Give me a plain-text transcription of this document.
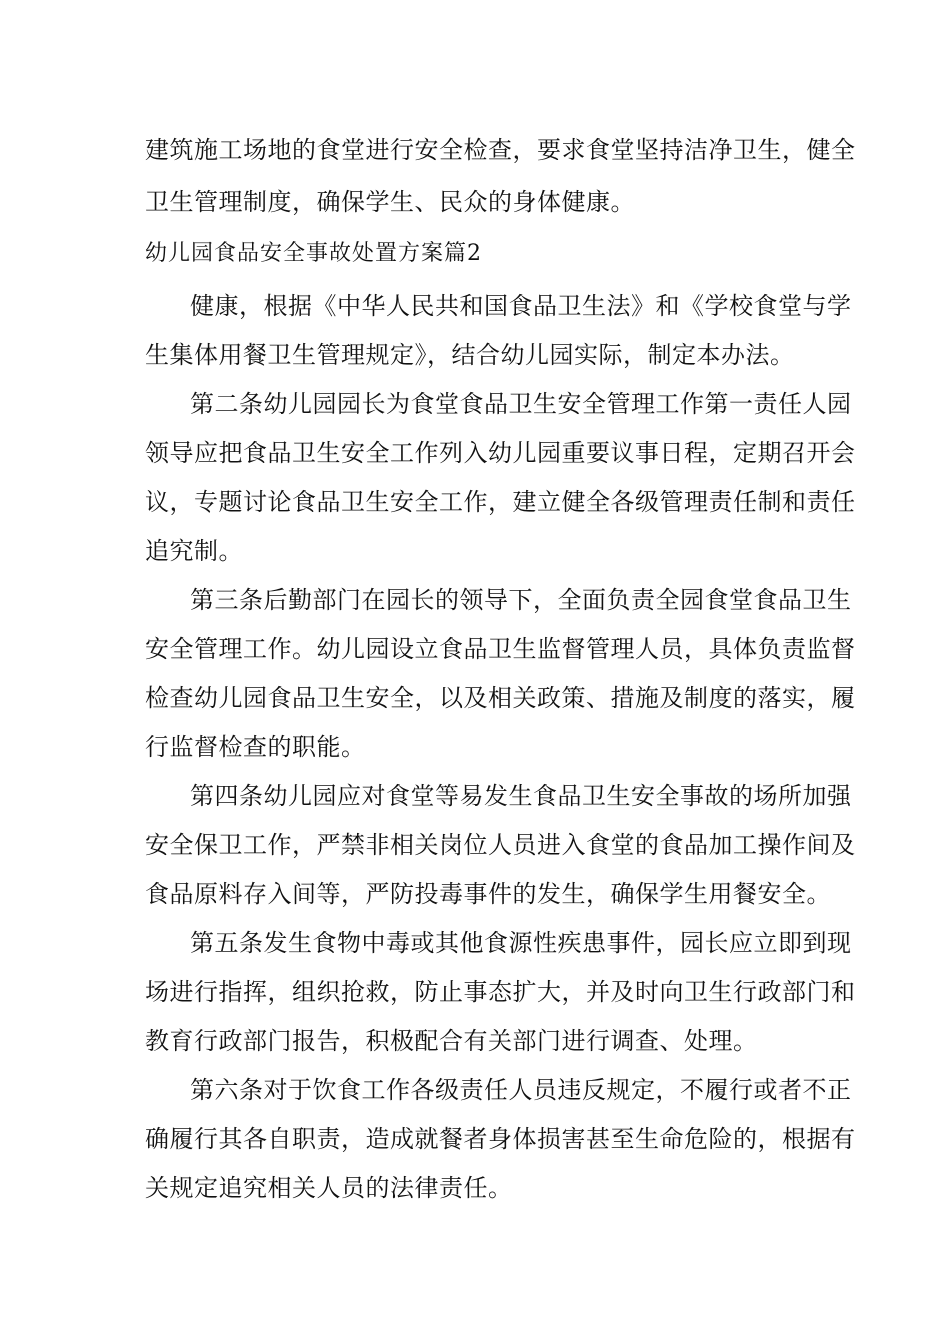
建筑施工场地的食堂进行安全检查，要求食堂坚持洁净卫生，健全
卫生管理制度，确保学生、民众的身体健康。
幼儿园食品安全事故处置方案篇2
健康，根据《中华人民共和国食品卫生法》和《学校食堂与学
生集体用餐卫生管理规定》，结合幼儿园实际，制定本办法。
第二条幼儿园园长为食堂食品卫生安全管理工作第一责任人园
领导应把食品卫生安全工作列入幼儿园重要议事日程，定期召开会
议，专题讨论食品卫生安全工作，建立健全各级管理责任制和责任
追究制。
第三条后勤部门在园长的领导下，全面负责全园食堂食品卫生
安全管理工作。幼儿园设立食品卫生监督管理人员，具体负责监督
检查幼儿园食品卫生安全，以及相关政策、措施及制度的落实，履
行监督检查的职能。
第四条幼儿园应对食堂等易发生食品卫生安全事故的场所加强
安全保卫工作，严禁非相关岗位人员进入食堂的食品加工操作间及
食品原料存入间等，严防投毒事件的发生，确保学生用餐安全。
第五条发生食物中毒或其他食源性疾患事件，园长应立即到现
场进行指挥，组织抢救，防止事态扩大，并及时向卫生行政部门和
教育行政部门报告，积极配合有关部门进行调查、处理。
第六条对于饮食工作各级责任人员违反规定，不履行或者不正
确履行其各自职责，造成就餐者身体损害甚至生命危险的，根据有
关规定追究相关人员的法律责任。
